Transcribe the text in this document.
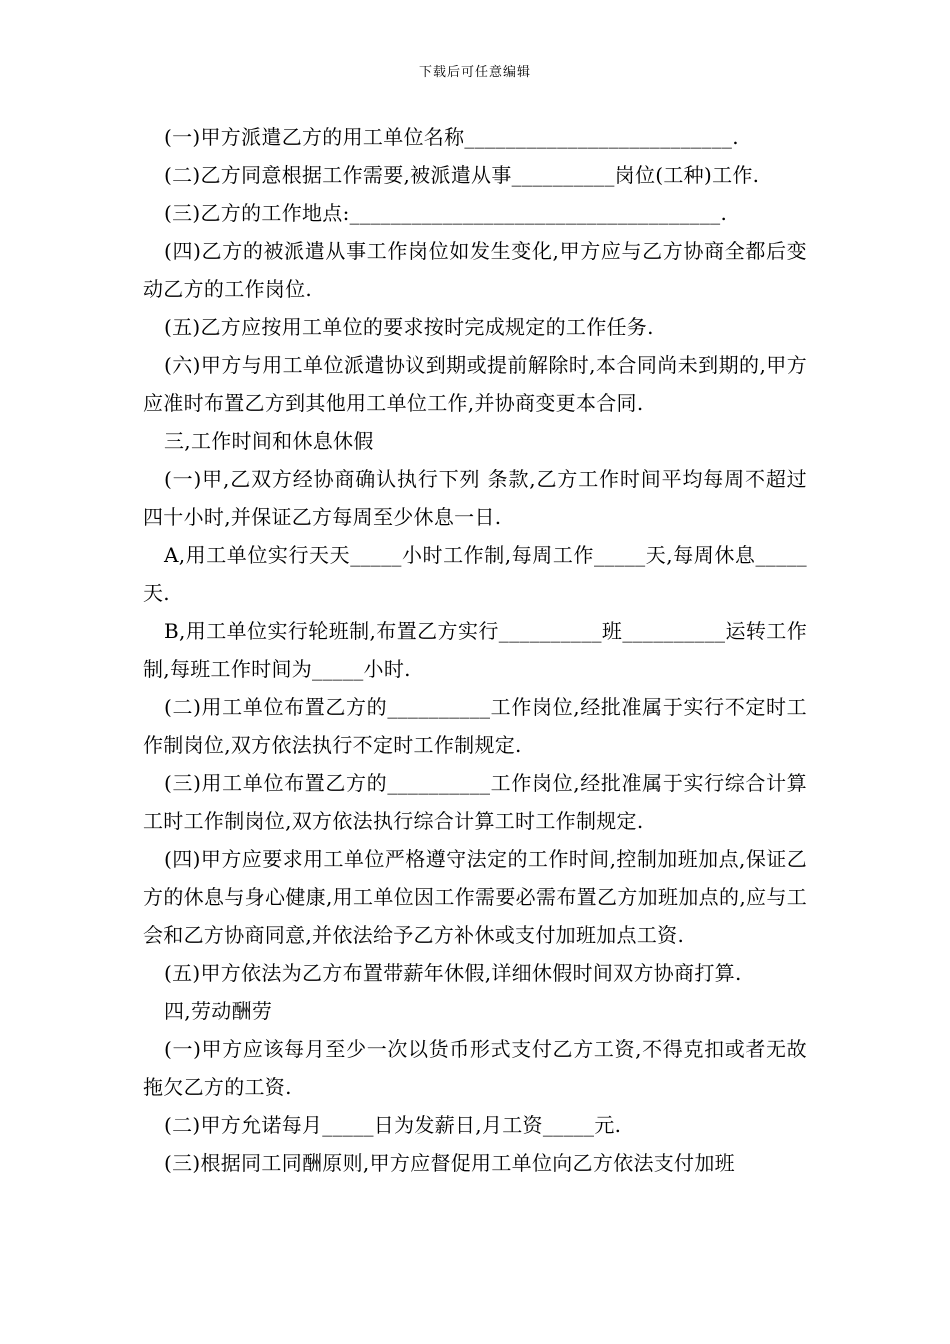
下载后可任意编辑

(一)甲方派遣乙方的用工单位名称__________________________.

(二)乙方同意根据工作需要,被派遣从事__________岗位(工种)工作.

(三)乙方的工作地点:____________________________________.

(四)乙方的被派遣从事工作岗位如发生变化,甲方应与乙方协商全都后变动乙方的工作岗位.

(五)乙方应按用工单位的要求按时完成规定的工作任务.

(六)甲方与用工单位派遣协议到期或提前解除时,本合同尚未到期的,甲方应准时布置乙方到其他用工单位工作,并协商变更本合同.

三,工作时间和休息休假

(一)甲,乙双方经协商确认执行下列 条款,乙方工作时间平均每周不超过四十小时,并保证乙方每周至少休息一日.

A,用工单位实行天天_____小时工作制,每周工作_____天,每周休息_____天.

B,用工单位实行轮班制,布置乙方实行__________班__________运转工作制,每班工作时间为_____小时.

(二)用工单位布置乙方的__________工作岗位,经批准属于实行不定时工作制岗位,双方依法执行不定时工作制规定.

(三)用工单位布置乙方的__________工作岗位,经批准属于实行综合计算工时工作制岗位,双方依法执行综合计算工时工作制规定.

(四)甲方应要求用工单位严格遵守法定的工作时间,控制加班加点,保证乙方的休息与身心健康,用工单位因工作需要必需布置乙方加班加点的,应与工会和乙方协商同意,并依法给予乙方补休或支付加班加点工资.

(五)甲方依法为乙方布置带薪年休假,详细休假时间双方协商打算.

四,劳动酬劳

(一)甲方应该每月至少一次以货币形式支付乙方工资,不得克扣或者无故拖欠乙方的工资.

(二)甲方允诺每月_____日为发薪日,月工资_____元.

(三)根据同工同酬原则,甲方应督促用工单位向乙方依法支付加班
